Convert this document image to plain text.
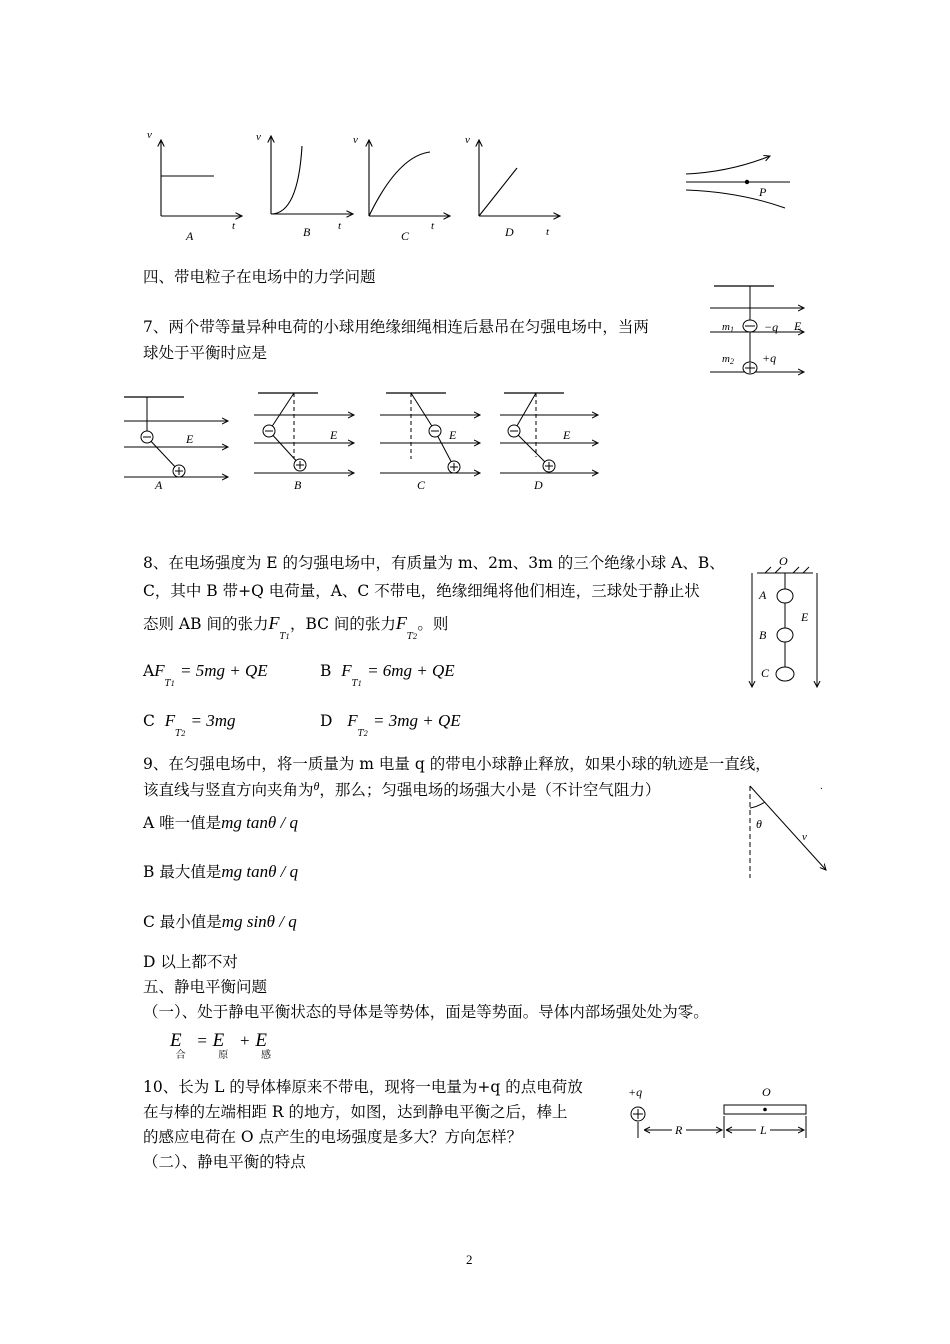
v
t
A
v
t
B
v
t
C
v
t
D
P
四、带电粒子在电场中的力学问题
7、两个带等量异种电荷的小球用绝缘细绳相连后悬吊在匀强电场中，当两
球处于平衡时应是
m1	−q E
m2 +q
E
A
E
B
E
C
E
D
8、在电场强度为 E 的匀强电场中，有质量为 m、2m、3m 的三个绝缘小球 A、B、
C，其中 B 带+Q 电荷量，A、C 不带电，绝缘细绳将他们相连，三球处于静止状
态则 AB 间的张力$F_{T1}$，BC 间的张力$F_{T2}$。则
$AF_{T1} = 5mg$ + QE	B $F_{T1} = 6mg$ + QE
C $F_{T2} = 3mg$	D $F_{T2} = 3mg$ + QE
O
A
B
C
E
9、在匀强电场中，将一质量为 m 电量 q 的带电小球静止释放，如果小球的轨迹是一直线，
该直线与竖直方向夹角为$^\theta$，那么；匀强电场的场强大小是（不计空气阻力）
A 唯一值是mg tanθ / q
B 最大值是mg tanθ / q
C 最小值是mg sinθ / q
D 以上都不对
θ
v
·
五、静电平衡问题
（一）、处于静电平衡状态的导体是等势体，面是等势面。导体内部场强处处为零。
$E_合 = E_原 + E_感$
10、长为 L 的导体棒原来不带电，现将一电量为+q 的点电荷放
在与棒的左端相距 R 的地方，如图，达到静电平衡之后，棒上
的感应电荷在 O 点产生的电场强度是多大？方向怎样？
（二）、静电平衡的特点
+q	O
R	L
2
